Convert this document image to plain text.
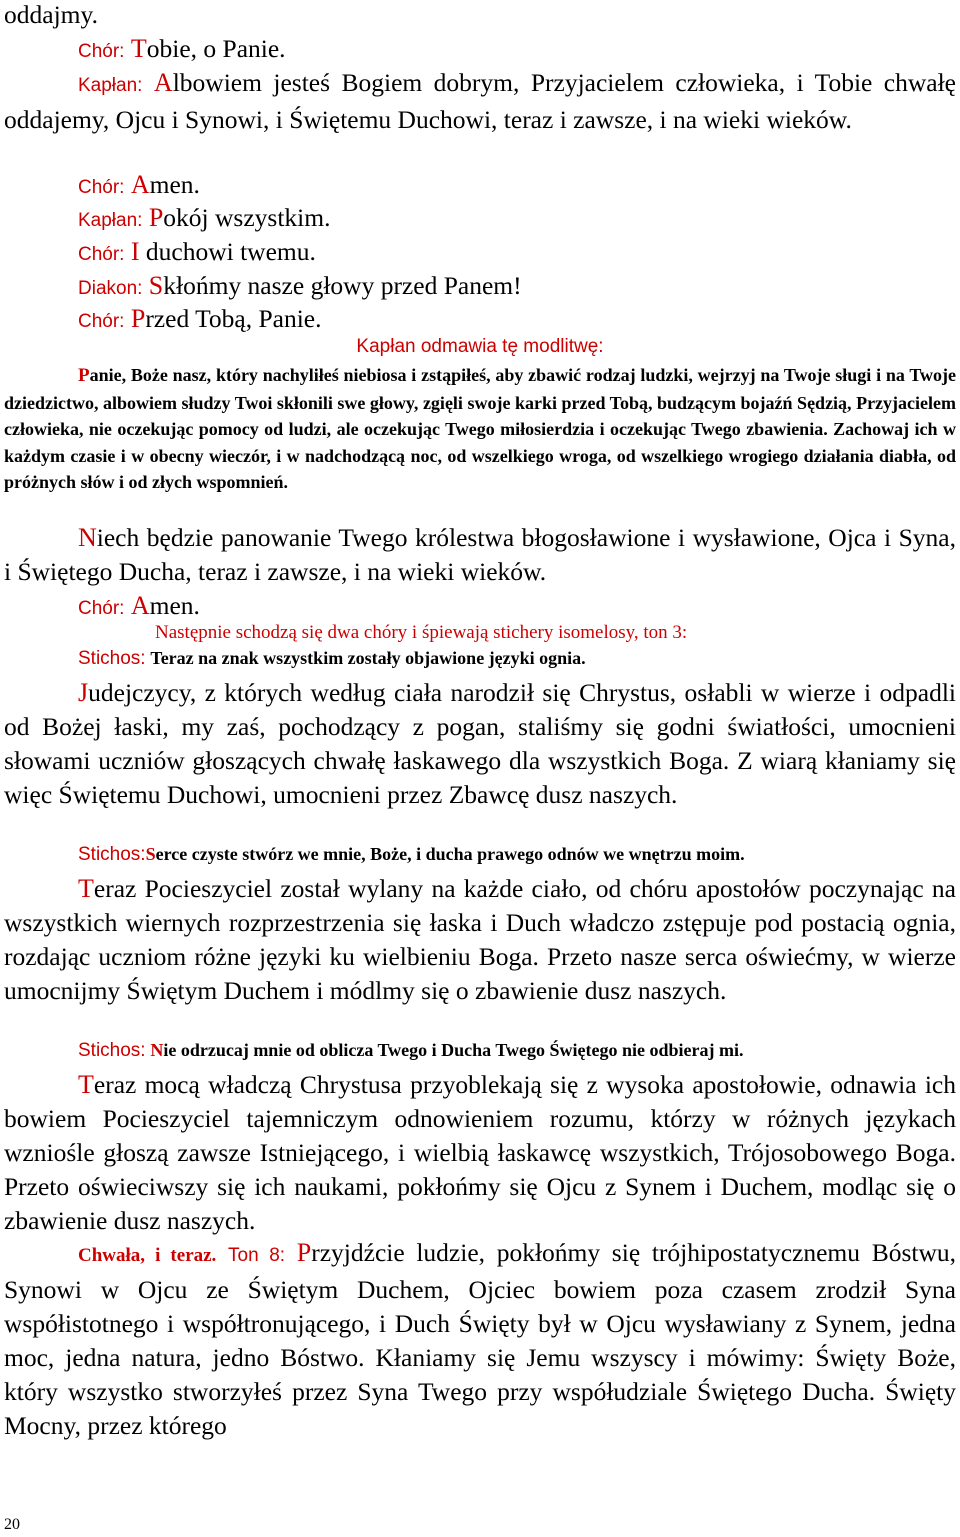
oddajmy.
Chór: Tobie, o Panie.
Kapłan: Albowiem jesteś Bogiem dobrym, Przyjacielem człowieka, i Tobie chwałę oddajemy, Ojcu i Synowi, i Świętemu Duchowi, teraz i zawsze, i na wieki wieków.
Chór: Amen.
Kapłan: Pokój wszystkim.
Chór: I duchowi twemu.
Diakon: Skłońmy nasze głowy przed Panem!
Chór: Przed Tobą, Panie.
Kapłan odmawia tę modlitwę:
Panie, Boże nasz, który nachyliłeś niebiosa i zstąpiłeś, aby zbawić rodzaj ludzki, wejrzyj na Twoje sługi i na Twoje dziedzictwo, albowiem słudzy Twoi skłonili swe głowy, zgięli swoje karki przed Tobą, budzącym bojaźń Sędzią, Przyjacielem człowieka, nie oczekując pomocy od ludzi, ale oczekując Twego miłosierdzia i oczekując Twego zbawienia. Zachowaj ich w każdym czasie i w obecny wieczór, i w nadchodzącą noc, od wszelkiego wroga, od wszelkiego wrogiego działania diabła, od próżnych słów i od złych wspomnień.
Niech będzie panowanie Twego królestwa błogosławione i wysławione, Ojca i Syna, i Świętego Ducha, teraz i zawsze, i na wieki wieków.
Chór: Amen.
Następnie schodzą się dwa chóry i śpiewają stichery isomelosy, ton 3:
Stichos: Teraz na znak wszystkim zostały objawione języki ognia.
Judejczycy, z których według ciała narodził się Chrystus, osłabli w wierze i odpadli od Bożej łaski, my zaś, pochodzący z pogan, staliśmy się godni światłości, umocnieni słowami uczniów głoszących chwałę łaskawego dla wszystkich Boga. Z wiarą kłaniamy się więc Świętemu Duchowi, umocnieni przez Zbawcę dusz naszych.
Stichos:Serce czyste stwórz we mnie, Boże, i ducha prawego odnów we wnętrzu moim.
Teraz Pocieszyciel został wylany na każde ciało, od chóru apostołów poczynając na wszystkich wiernych rozprzestrzenia się łaska i Duch władczo zstępuje pod postacią ognia, rozdając uczniom różne języki ku wielbieniu Boga. Przeto nasze serca oświećmy, w wierze umocnijmy Świętym Duchem i módlmy się o zbawienie dusz naszych.
Stichos: Nie odrzucaj mnie od oblicza Twego i Ducha Twego Świętego nie odbieraj mi.
Teraz mocą władczą Chrystusa przyoblekają się z wysoka apostołowie, odnawia ich bowiem Pocieszyciel tajemniczym odnowieniem rozumu, którzy w różnych językach wzniośle głoszą zawsze Istniejącego, i wielbią łaskawcę wszystkich, Trójosobowego Boga. Przeto oświeciwszy się ich naukami, pokłońmy się Ojcu z Synem i Duchem, modląc się o zbawienie dusz naszych.
Chwała, i teraz. Ton 8: Przyjdźcie ludzie, pokłońmy się trójhipostatycznemu Bóstwu, Synowi w Ojcu ze Świętym Duchem, Ojciec bowiem poza czasem zrodził Syna współistotnego i współtronującego, i Duch Święty był w Ojcu wysławiany z Synem, jedna moc, jedna natura, jedno Bóstwo. Kłaniamy się Jemu wszyscy i mówimy: Święty Boże, który wszystko stworzyłeś przez Syna Twego przy współudziale Świętego Ducha. Święty Mocny, przez którego
20
